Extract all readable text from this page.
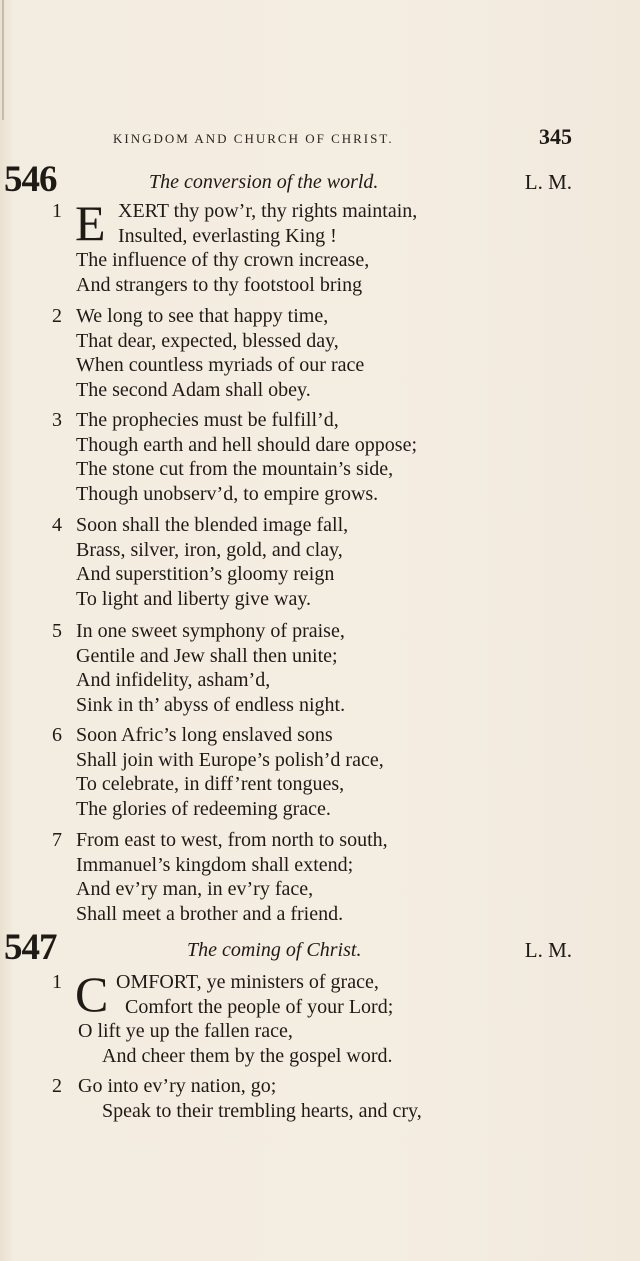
KINGDOM AND CHURCH OF CHRIST.	345
546	The conversion of the world.	L. M.
1 E XERT thy pow’r, thy rights maintain,
Insulted, everlasting King !
The influence of thy crown increase,
And strangers to thy footstool bring
2 We long to see that happy time,
That dear, expected, blessed day,
When countless myriads of our race
The second Adam shall obey.
3 The prophecies must be fulfill’d,
Though earth and hell should dare oppose;
The stone cut from the mountain’s side,
Though unobserv’d, to empire grows.
4 Soon shall the blended image fall,
Brass, silver, iron, gold, and clay,
And superstition’s gloomy reign
To light and liberty give way.
5 In one sweet symphony of praise,
Gentile and Jew shall then unite;
And infidelity, asham’d,
Sink in th’ abyss of endless night.
6 Soon Afric’s long enslaved sons
Shall join with Europe’s polish’d race,
To celebrate, in diff’rent tongues,
The glories of redeeming grace.
7 From east to west, from north to south,
Immanuel’s kingdom shall extend;
And ev’ry man, in ev’ry face,
Shall meet a brother and a friend.
547	The coming of Christ.	L. M.
1 C OMFORT, ye ministers of grace,
Comfort the people of your Lord;
O lift ye up the fallen race,
And cheer them by the gospel word.
2 Go into ev’ry nation, go;
Speak to their trembling hearts, and cry,
